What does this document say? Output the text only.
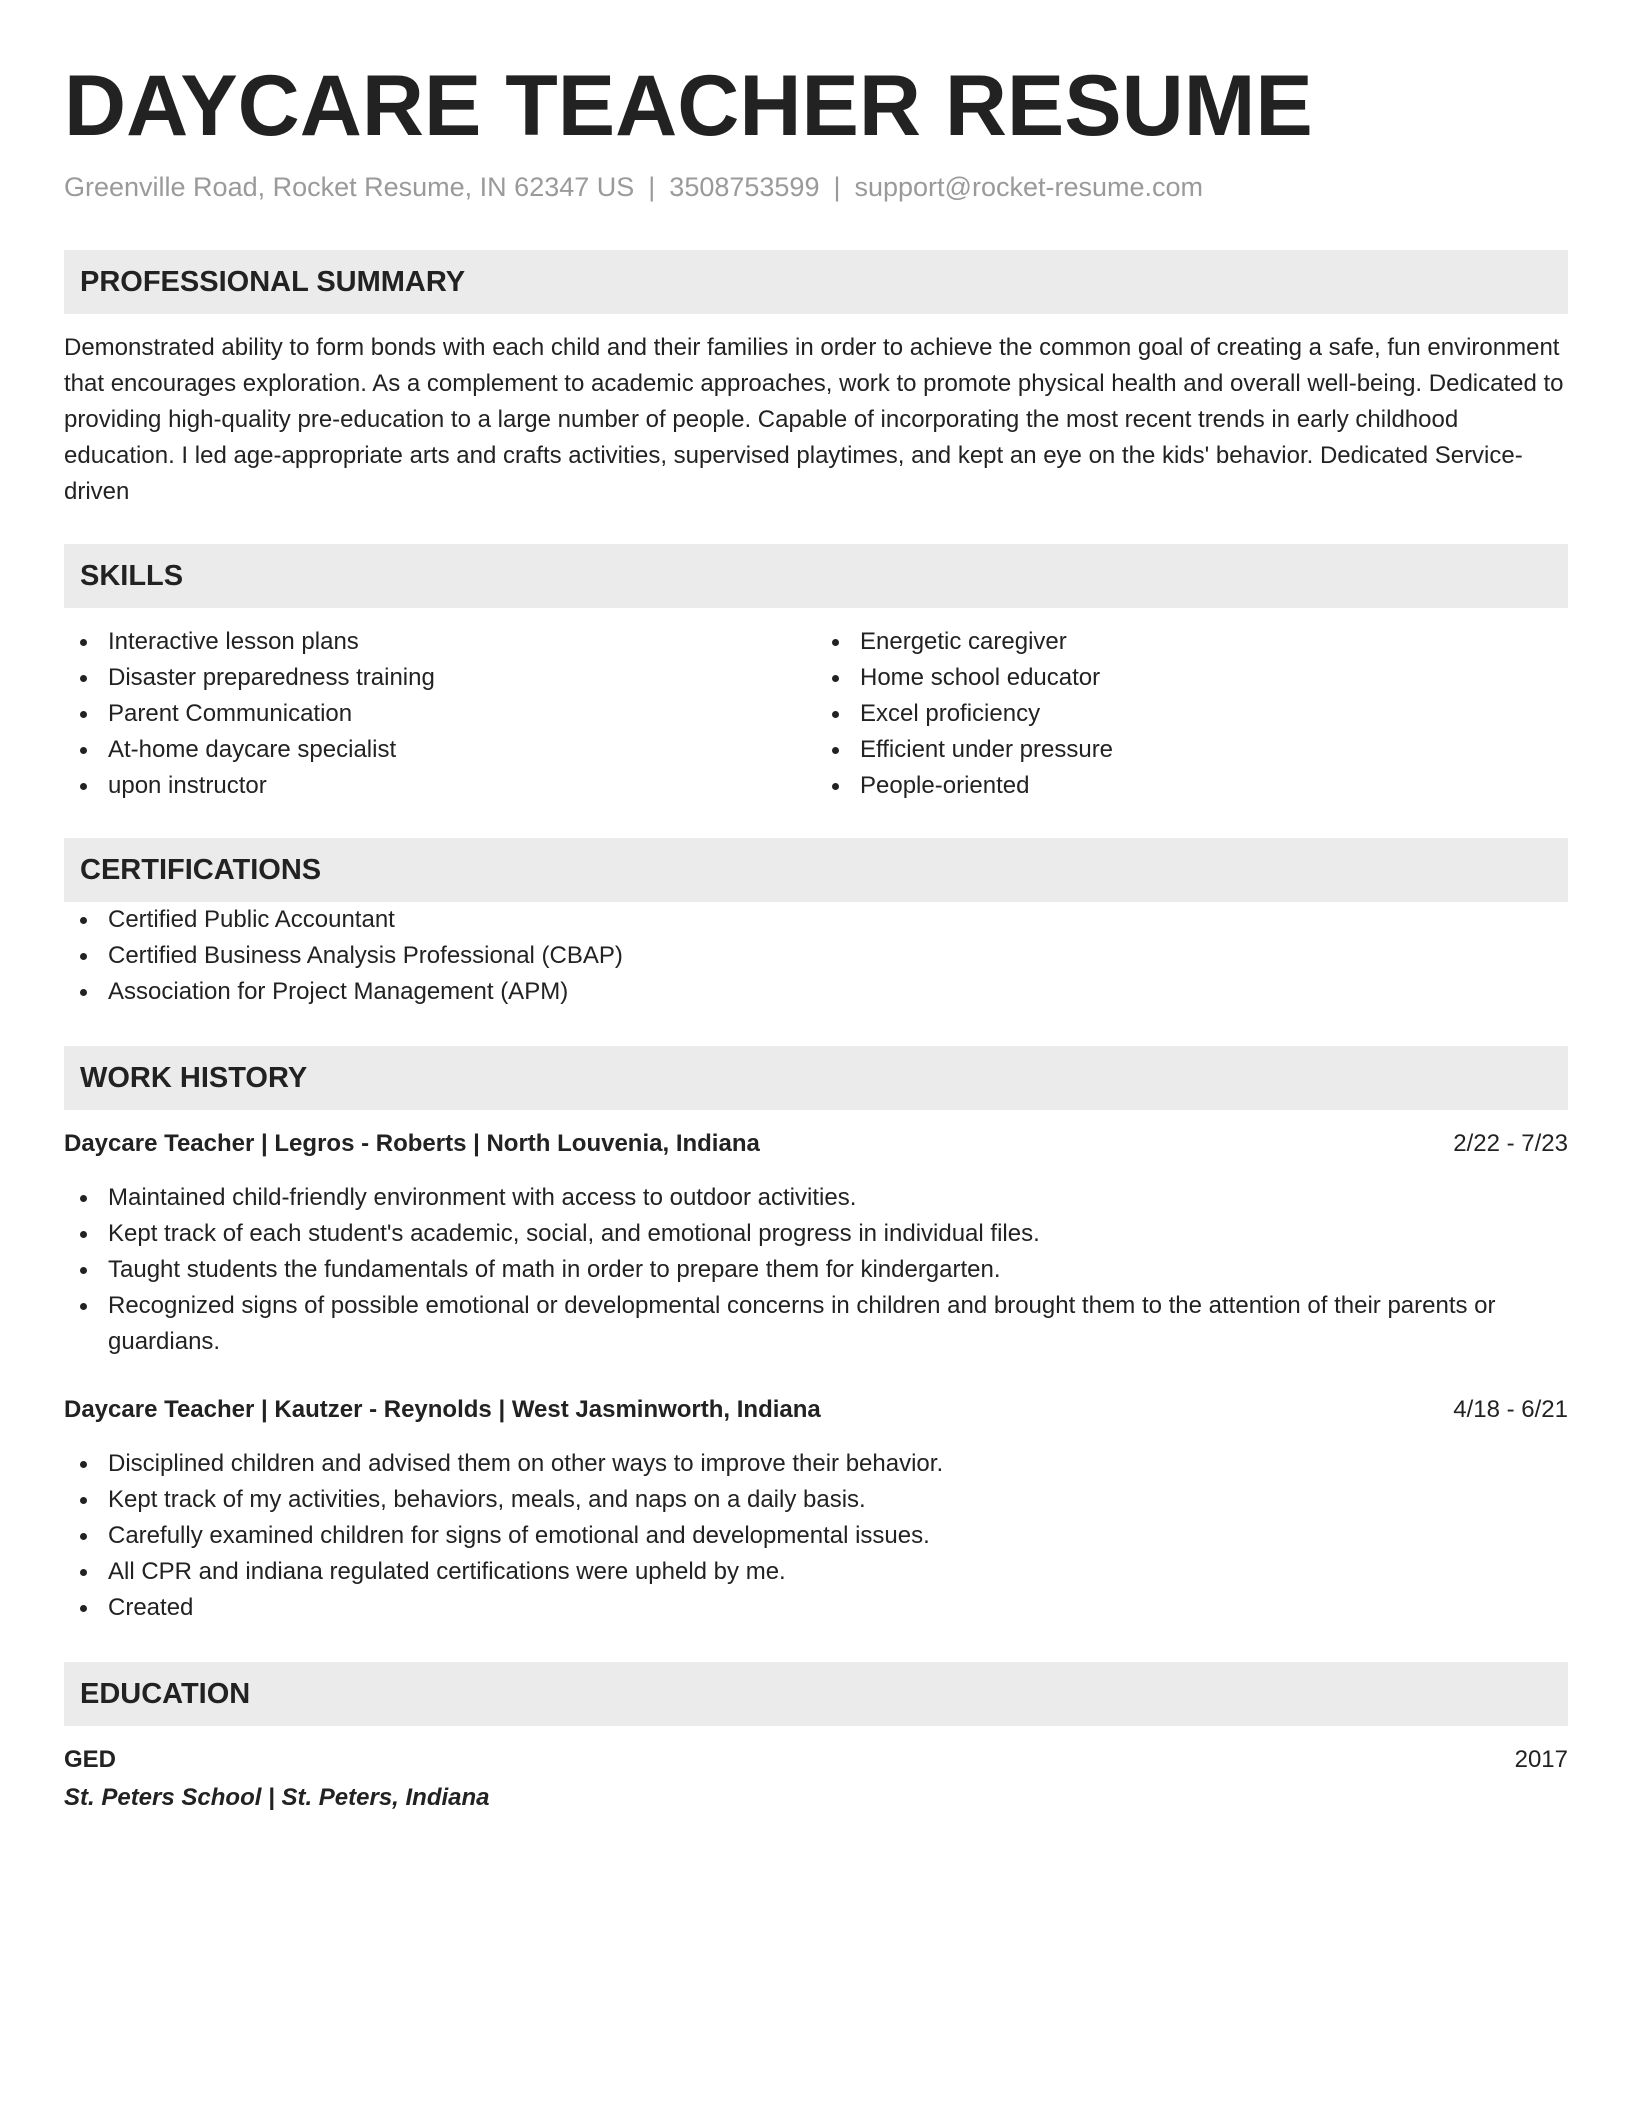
DAYCARE TEACHER RESUME
Greenville Road, Rocket Resume, IN 62347 US | 3508753599 | support@rocket-resume.com
PROFESSIONAL SUMMARY
Demonstrated ability to form bonds with each child and their families in order to achieve the common goal of creating a safe, fun environment that encourages exploration. As a complement to academic approaches, work to promote physical health and overall well-being. Dedicated to providing high-quality pre-education to a large number of people. Capable of incorporating the most recent trends in early childhood education. I led age-appropriate arts and crafts activities, supervised playtimes, and kept an eye on the kids' behavior. Dedicated Service-driven
SKILLS
Interactive lesson plans
Disaster preparedness training
Parent Communication
At-home daycare specialist
upon instructor
Energetic caregiver
Home school educator
Excel proficiency
Efficient under pressure
People-oriented
CERTIFICATIONS
Certified Public Accountant
Certified Business Analysis Professional (CBAP)
Association for Project Management (APM)
WORK HISTORY
Daycare Teacher | Legros - Roberts | North Louvenia, Indiana	2/22 - 7/23
Maintained child-friendly environment with access to outdoor activities.
Kept track of each student's academic, social, and emotional progress in individual files.
Taught students the fundamentals of math in order to prepare them for kindergarten.
Recognized signs of possible emotional or developmental concerns in children and brought them to the attention of their parents or guardians.
Daycare Teacher | Kautzer - Reynolds | West Jasminworth, Indiana	4/18 - 6/21
Disciplined children and advised them on other ways to improve their behavior.
Kept track of my activities, behaviors, meals, and naps on a daily basis.
Carefully examined children for signs of emotional and developmental issues.
All CPR and indiana regulated certifications were upheld by me.
Created
EDUCATION
GED	2017
St. Peters School | St. Peters, Indiana
